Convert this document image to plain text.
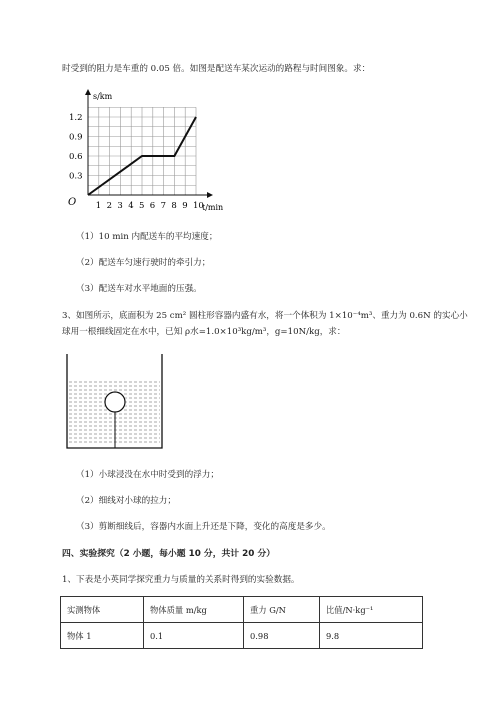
时受到的阻力是车重的 0.05 倍。如图是配送车某次运动的路程与时间图象。求：
1 2 3 4 5 6 7 8 9 10
0.3
0.6
0.9
1.2
O
s/km
t/min
（1）10 min 内配送车的平均速度；
（2）配送车匀速行驶时的牵引力；
（3）配送车对水平地面的压强。
3、如图所示，底面积为 25 cm² 圆柱形容器内盛有水，将一个体积为 1×10⁻⁴m³、重力为 0.6N 的实心小
球用一根细线固定在水中，已知 ρ水=1.0×10³kg/m³，g=10N/kg，求：
（1）小球浸没在水中时受到的浮力；
（2）细线对小球的拉力；
（3）剪断细线后，容器内水面上升还是下降，变化的高度是多少。
四、实验探究（2 小题，每小题 10 分，共计 20 分）
1、下表是小英同学探究重力与质量的关系时得到的实验数据。
实测物体	物体质量 m/kg	重力 G/N	比值/N·kg⁻¹
物体 1	0.1	0.98	9.8
